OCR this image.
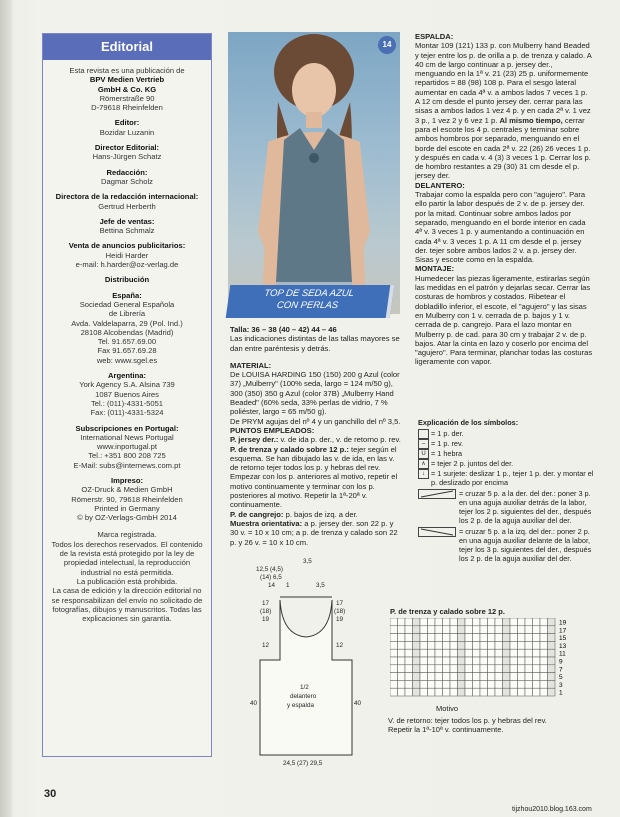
Editorial

Esta revista es una publicación de

BPV Medien Vertrieb

GmbH & Co. KG

Römerstraße 90

D-79618 Rheinfelden

Editor:

Bozidar Luzanin

Director Editorial:

Hans-Jürgen Schatz

Redacción:

Dagmar Scholz

Directora de la redacción internacional:

Gertrud Herberth

Jefe de ventas:

Bettina Schmalz

Venta de anuncios publicitarios:

Heidi Harder

e-mail: h.harder@oz-verlag.de

Distribución

España:

Sociedad General Española

de Librería

Avda. Valdelaparra, 29 (Pol. Ind.)

28108 Alcobendas (Madrid)

Tel. 91.657.69.00

Fax 91.657.69.28

web: www.sgel.es

Argentina:

York Agency S.A. Alsina 739

1087 Buenos Aires

Tel.: (011)-4331-5051

Fax: (011)-4331-5324

Subscripciones en Portugal:

International News Portugal

www.inportugal.pt

Tel.: +351 800 208 725

E-Mail: subs@internews.com.pt

Impreso:

OZ-Druck & Medien GmbH

Römerstr. 90, 79618 Rheinfelden

Printed in Germany

© by OZ-Verlags-GmbH 2014

Marca registrada.

Todos los derechos reservados. El contenido de la revista está protegido por la ley de propiedad intelectual, la reproducción industrial no está permitida.

La publicación está prohibida.

La casa de edición y la dirección editorial no se responsabilizan del envío no solicitado de fotografías, dibujos y manuscritos. Todas las explicaciones sin garantía.

14
TOP DE SEDA AZUL
CON PERLAS

Talla: 36 – 38 (40 – 42) 44 – 46

Las indicaciones distintas de las tallas mayores se dan entre paréntesis y detrás.

MATERIAL:

De LOUISA HARDING 150 (150) 200 g Azul (color 37) „Mulberry" (100% seda, largo = 124 m/50 g), 300 (350) 350 g Azul (color 37B) „Mulberry Hand Beaded" (60% seda, 33% perlas de vidrio, 7 % poliéster, largo = 65 m/50 g).

De PRYM agujas del nº 4 y un ganchillo del nº 3,5.

PUNTOS EMPLEADOS:

P. jersey der.: v. de ida p. der., v. de retorno p. rev.

P. de trenza y calado sobre 12 p.: tejer según el esquema. Se han dibujado las v. de ida, en las v. de retorno tejer todos los p. y hebras del rev. Empezar con los p. anteriores al motivo, repetir el motivo continuamente y terminar con los p. posteriores al motivo. Repetir la 1ª-20ª v. continuamente.

P. de cangrejo: p. bajos de izq. a der.

Muestra orientativa: a p. jersey der. son 22 p. y 30 v. = 10 x 10 cm; a p. de trenza y calado son 22 p. y 26 v. = 10 x 10 cm.

3,5
12,5 (4,5)
(14) 6,5
14 1	3,5
17
(18)
19
12
40
17
(18)
19
12
40
1/2
delantero
y espalda
24,5 (27) 29,5

ESPALDA:

Montar 109 (121) 133 p. con Mulberry hand Beaded y tejer entre los p. de orilla a p. de trenza y calado. A 40 cm de largo continuar a p. jersey der., menguando en la 1ª v. 21 (23) 25 p. uniformemente repartidos = 88 (98) 108 p. Para el sesgo lateral aumentar en cada 4ª v. a ambos lados 7 veces 1 p. A 12 cm desde el punto jersey der. cerrar para las sisas a ambos lados 1 vez 4 p. y en cada 2ª v. 1 vez 3 p., 1 vez 2 y 6 vez 1 p. Al mismo tiempo, cerrar para el escote los 4 p. centrales y terminar sobre ambos hombros por separado, menguando en el borde del escote en cada 2ª v. 22 (26) 26 veces 1 p. y después en cada v. 4 (3) 3 veces 1 p. Cerrar los p. de hombro restantes a 29 (30) 31 cm desde el p. jersey der.

DELANTERO:

Trabajar como la espalda pero con "agujero". Para ello partir la labor después de 2 v. de p. jersey der. por la mitad. Continuar sobre ambos lados por separado, menguando en el borde interior en cada 4ª v. 3 veces 1 p. y aumentando a continuación en cada 4ª v. 3 veces 1 p. A 11 cm desde el p. jersey der. tejer sobre ambos lados 2 v. a p. jersey der. Sisas y escote como en la espalda.

MONTAJE:

Humedecer las piezas ligeramente, estirarlas según las medidas en el patrón y dejarlas secar. Cerrar las costuras de hombros y costados. Ribetear el dobladillo inferior, el escote, el "agujero" y las sisas en Mulberry con 1 v. cerrada de p. bajos y 1 v. cerrada de p. cangrejo. Para el lazo montar en Mulberry p. de cad. para 30 cm y trabajar 2 v. de p. bajos. Atar la cinta en lazo y coserlo por encima del "agujero". Para terminar, planchar todas las costuras ligeramente con vapor.

Explicación de los símbolos:

= 1 p. der.
– = 1 p. rev.
U = 1 hebra
∧ = tejer 2 p. juntos del der.
↓ = 1 surjete: deslizar 1 p., tejer 1 p. der. y montar el p. deslizado por encima
= cruzar 5 p. a la der. del der.: poner 3 p. en una aguja auxiliar detrás de la labor, tejer los 2 p. siguientes del der., después los 2 p. de la aguja auxiliar del der.
= cruzar 5 p. a la izq. del der.: poner 2 p. en una aguja auxiliar delante de la labor, tejer los 3 p. siguientes del der., después los 2 p. de la aguja auxiliar del der.
P. de trenza y calado sobre 12 p.
19
17
15
13
11
9
7
5
3
1
Motivo
V. de retorno: tejer todos los p. y hebras del rev.
Repetir la 1ª-10ª v. continuamente.
30
tijzhou2010.blog.163.com
